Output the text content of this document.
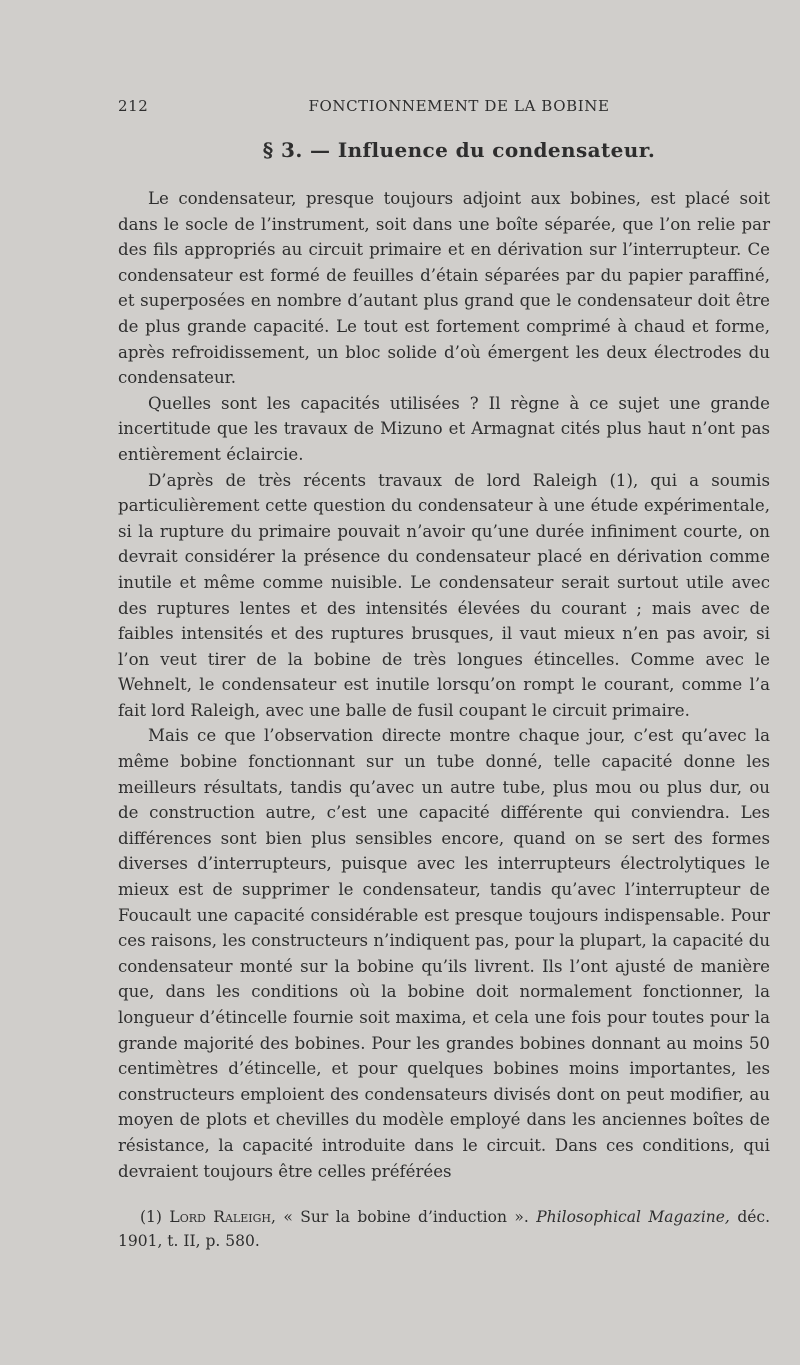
212	FONCTIONNEMENT DE LA BOBINE
§ 3. — Influence du condensateur.

Le condensateur, presque toujours adjoint aux bobines, est placé soit dans le socle de l’instrument, soit dans une boîte séparée, que l’on relie par des fils appropriés au circuit primaire et en dérivation sur l’interrupteur. Ce condensateur est formé de feuilles d’étain séparées par du papier paraffiné, et superposées en nombre d’autant plus grand que le condensateur doit être de plus grande capacité. Le tout est fortement comprimé à chaud et forme, après refroidissement, un bloc solide d’où émergent les deux électrodes du condensateur.

Quelles sont les capacités utilisées ? Il règne à ce sujet une grande incertitude que les travaux de Mizuno et Armagnat cités plus haut n’ont pas entièrement éclaircie.

D’après de très récents travaux de lord Raleigh (1), qui a soumis particulièrement cette question du condensateur à une étude expérimentale, si la rupture du primaire pouvait n’avoir qu’une durée infiniment courte, on devrait considérer la présence du condensateur placé en dérivation comme inutile et même comme nuisible. Le condensateur serait surtout utile avec des ruptures lentes et des intensités élevées du courant ; mais avec de faibles intensités et des ruptures brusques, il vaut mieux n’en pas avoir, si l’on veut tirer de la bobine de très longues étincelles. Comme avec le Wehnelt, le condensateur est inutile lorsqu’on rompt le courant, comme l’a fait lord Raleigh, avec une balle de fusil coupant le circuit primaire.

Mais ce que l’observation directe montre chaque jour, c’est qu’avec la même bobine fonctionnant sur un tube donné, telle capacité donne les meilleurs résultats, tandis qu’avec un autre tube, plus mou ou plus dur, ou de construction autre, c’est une capacité différente qui conviendra. Les différences sont bien plus sensibles encore, quand on se sert des formes diverses d’interrupteurs, puisque avec les interrupteurs électrolytiques le mieux est de supprimer le condensateur, tandis qu’avec l’interrupteur de Foucault une capacité considérable est presque toujours indispensable. Pour ces raisons, les constructeurs n’indiquent pas, pour la plupart, la capacité du condensateur monté sur la bobine qu’ils livrent. Ils l’ont ajusté de manière que, dans les conditions où la bobine doit normalement fonctionner, la longueur d’étincelle fournie soit maxima, et cela une fois pour toutes pour la grande majorité des bobines. Pour les grandes bobines donnant au moins 50 centimètres d’étincelle, et pour quelques bobines moins importantes, les constructeurs emploient des condensateurs divisés dont on peut modifier, au moyen de plots et chevilles du modèle employé dans les anciennes boîtes de résistance, la capacité introduite dans le circuit. Dans ces conditions, qui devraient toujours être celles préférées

(1) Lord Raleigh, « Sur la bobine d’induction ». Philosophical Magazine, déc. 1901, t. II, p. 580.
